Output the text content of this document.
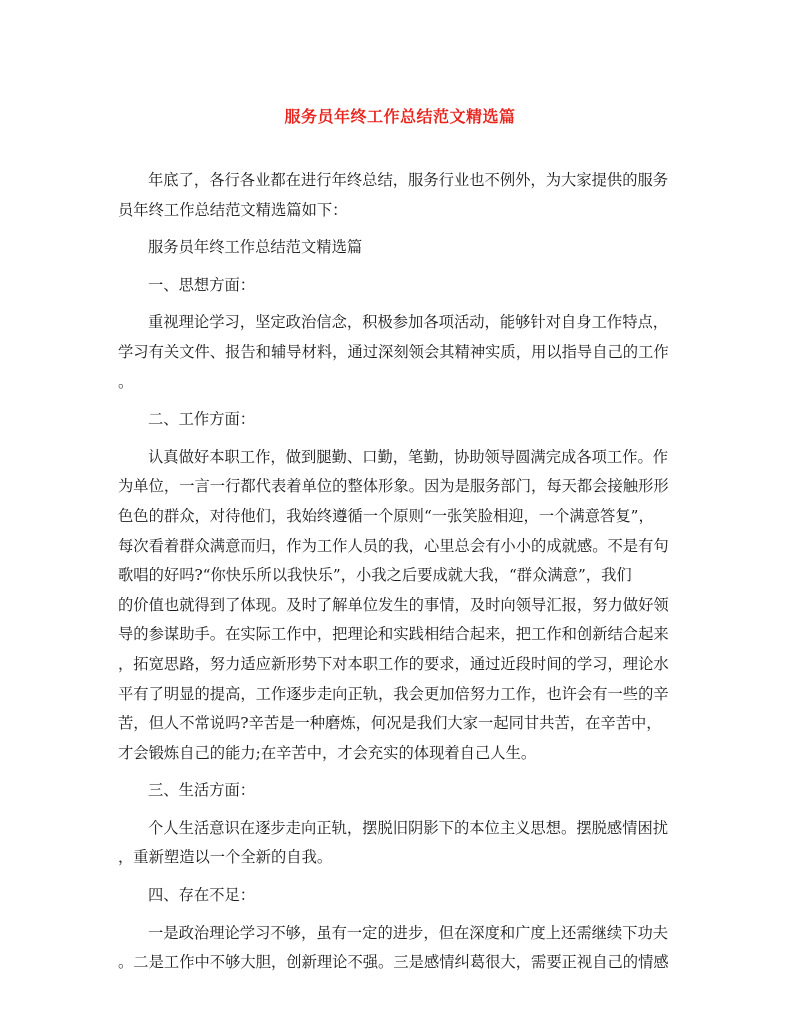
服务员年终工作总结范文精选篇
年底了，各行各业都在进行年终总结，服务行业也不例外，为大家提供的服务
员年终工作总结范文精选篇如下：
服务员年终工作总结范文精选篇
一、思想方面：
重视理论学习，坚定政治信念，积极参加各项活动，能够针对自身工作特点，
学习有关文件、报告和辅导材料，通过深刻领会其精神实质，用以指导自己的工作
。
二、工作方面：
认真做好本职工作，做到腿勤、口勤，笔勤，协助领导圆满完成各项工作。作
为单位，一言一行都代表着单位的整体形象。因为是服务部门，每天都会接触形形
色色的群众，对待他们，我始终遵循一个原则“一张笑脸相迎，一个满意答复”，
每次看着群众满意而归，作为工作人员的我，心里总会有小小的成就感。不是有句
歌唱的好吗?“你快乐所以我快乐”，小我之后要成就大我，“群众满意”，我们
的价值也就得到了体现。及时了解单位发生的事情，及时向领导汇报，努力做好领
导的参谋助手。在实际工作中，把理论和实践相结合起来，把工作和创新结合起来
，拓宽思路，努力适应新形势下对本职工作的要求，通过近段时间的学习，理论水
平有了明显的提高，工作逐步走向正轨，我会更加倍努力工作，也许会有一些的辛
苦，但人不常说吗?辛苦是一种磨炼，何况是我们大家一起同甘共苦，在辛苦中，
才会锻炼自己的能力;在辛苦中，才会充实的体现着自己人生。
三、生活方面：
个人生活意识在逐步走向正轨，摆脱旧阴影下的本位主义思想。摆脱感情困扰
，重新塑造以一个全新的自我。
四、存在不足：
一是政治理论学习不够，虽有一定的进步，但在深度和广度上还需继续下功夫
。二是工作中不够大胆，创新理论不强。三是感情纠葛很大，需要正视自己的情感
